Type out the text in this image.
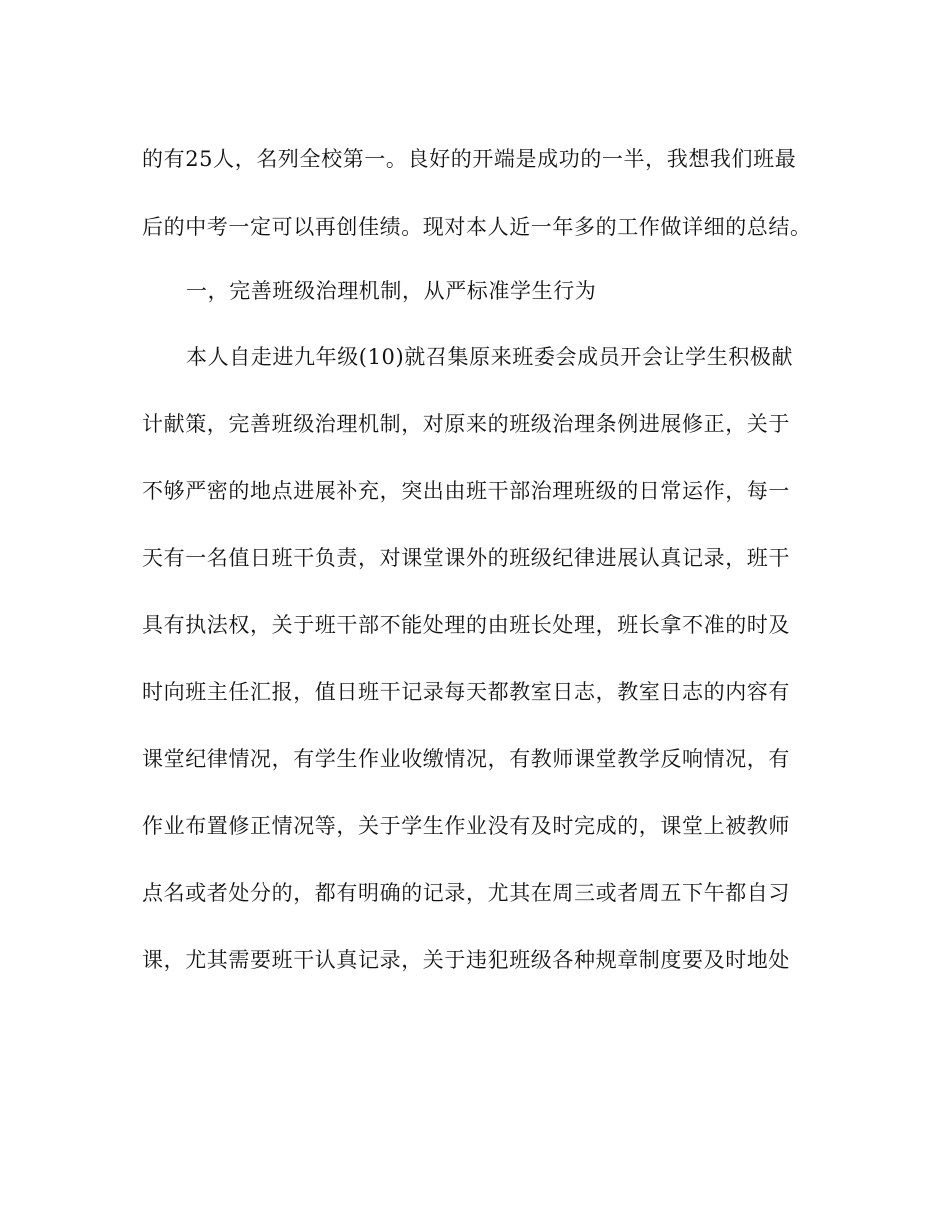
的有25人，名列全校第一。良好的开端是成功的一半，我想我们班最
后的中考一定可以再创佳绩。现对本人近一年多的工作做详细的总结。
一，完善班级治理机制，从严标准学生行为
本人自走进九年级(10)就召集原来班委会成员开会让学生积极献
计献策，完善班级治理机制，对原来的班级治理条例进展修正，关于
不够严密的地点进展补充，突出由班干部治理班级的日常运作，每一
天有一名值日班干负责，对课堂课外的班级纪律进展认真记录，班干
具有执法权，关于班干部不能处理的由班长处理，班长拿不准的时及
时向班主任汇报，值日班干记录每天都教室日志，教室日志的内容有
课堂纪律情况，有学生作业收缴情况，有教师课堂教学反响情况，有
作业布置修正情况等，关于学生作业没有及时完成的，课堂上被教师
点名或者处分的，都有明确的记录，尤其在周三或者周五下午都自习
课，尤其需要班干认真记录，关于违犯班级各种规章制度要及时地处
